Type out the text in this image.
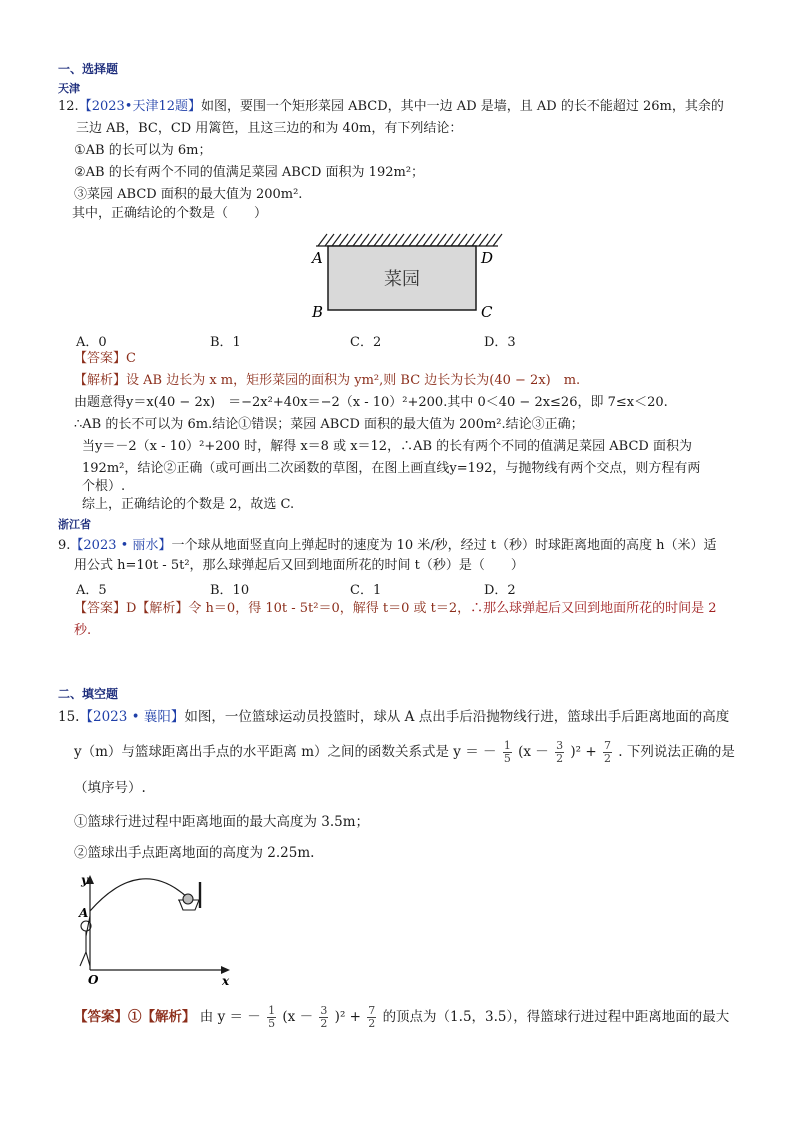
一、选择题
天津
12.【2023•天津12题】如图，要围一个矩形菜园 ABCD，其中一边 AD 是墙，且 AD 的长不能超过 26m，其余的
三边 AB，BC，CD 用篱笆，且这三边的和为 40m，有下列结论：
①AB 的长可以为 6m；
②AB 的长有两个不同的值满足菜园 ABCD 面积为 192m²；
③菜园 ABCD 面积的最大值为 200m².
其中，正确结论的个数是（　　）
菜园
A	D
B	C
A．0	B．1	C．2	D．3
【答案】C
【解析】设 AB 边长为 x m，矩形菜园的面积为 ym²,则 BC 边长为长为(40 − 2x)　m.
由题意得y＝x(40 − 2x)　＝−2x²+40x＝−2（x - 10）²+200.其中 0＜40 − 2x≤26，即 7≤x＜20.
∴AB 的长不可以为 6m.结论①错误；菜园 ABCD 面积的最大值为 200m².结论③正确；
当y＝－2（x - 10）²+200 时，解得 x＝8 或 x＝12，∴AB 的长有两个不同的值满足菜园 ABCD 面积为
192m²，结论②正确（或可画出二次函数的草图，在图上画直线y=192，与抛物线有两个交点，则方程有两
个根）.
综上，正确结论的个数是 2，故选 C.
浙江省
9.【2023 • 丽水】一个球从地面竖直向上弹起时的速度为 10 米/秒，经过 t（秒）时球距离地面的高度 h（米）适
用公式 h=10t - 5t²，那么球弹起后又回到地面所花的时间 t（秒）是（　　）
A．5	B．10	C．1	D．2
【答案】D【解析】令 h＝0，得 10t - 5t²＝0，解得 t＝0 或 t＝2，∴那么球弹起后又回到地面所花的时间是 2
秒.
二、填空题
15.【2023 • 襄阳】如图，一位篮球运动员投篮时，球从 A 点出手后沿抛物线行进，篮球出手后距离地面的高度
y（m）与篮球距离出手点的水平距离 m）之间的函数关系式是 y ＝ － $\frac{1}{5} (x - \frac{3}{2} )^2 + \frac{7}{2}$ . 下列说法正确的是
（填序号）.
①篮球行进过程中距离地面的最大高度为 3.5m；
②篮球出手点距离地面的高度为 2.25m.
y
x
A
O
【答案】①【解析】 由 y ＝ － $\frac{1}{5} (x - \frac{3}{2} )^2 + \frac{7}{2}$ 的顶点为（1.5，3.5），得篮球行进过程中距离地面的最大
